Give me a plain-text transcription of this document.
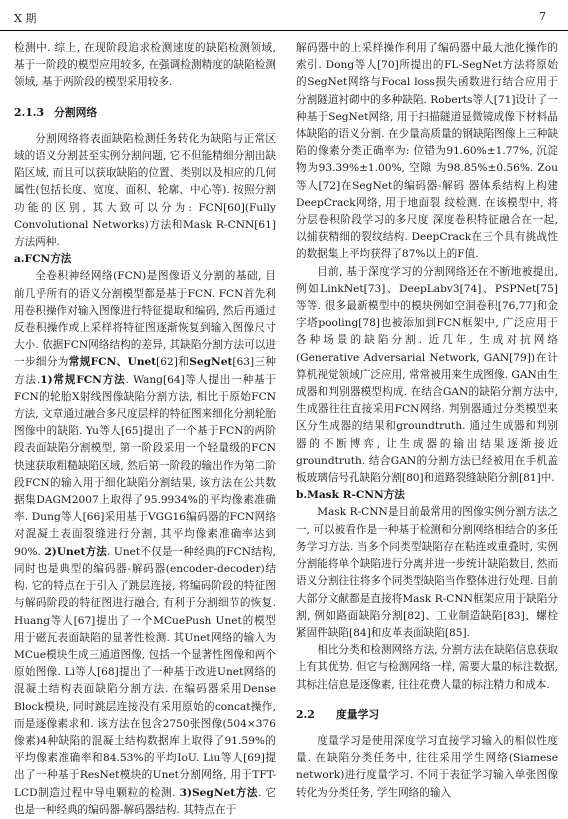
X 期	7

检测中. 综上, 在现阶段追求检测速度的缺陷检测领域, 基于一阶段的模型应用较多, 在强调检测精度的缺陷检测领域, 基于两阶段的模型采用较多.

2.1.3 分割网络

分割网络将表面缺陷检测任务转化为缺陷与正常区域的语义分割甚至实例分割问题, 它不但能精细分割出缺陷区域, 而且可以获取缺陷的位置、类别以及相应的几何属性(包括长度、宽度、面积、轮廓、中心等). 按照分割功能的区别, 其大致可以分为: FCN[60](Fully Convolutional Networks)方法和Mask R-CNN[61]方法两种.

a.FCN方法

全卷积神经网络(FCN)是图像语义分割的基础, 目前几乎所有的语义分割模型都是基于FCN. FCN首先利用卷积操作对输入图像进行特征提取和编码, 然后再通过反卷积操作或上采样将特征图逐渐恢复到输入图像尺寸大小. 依据FCN网络结构的差异, 其缺陷分割方法可以进一步细分为常规FCN、Unet[62]和SegNet[63]三种方法.1)常规FCN方法. Wang[64]等人提出一种基于FCN的轮胎X射线图像缺陷分割方法, 相比于原始FCN方法, 文章通过融合多尺度层样的特征图来细化分割轮胎图像中的缺陷. Yu等人[65]提出了一个基于FCN的两阶段表面缺陷分割模型, 第一阶段采用一个轻量级的FCN快速获取粗糙缺陷区域, 然后第一阶段的输出作为第二阶段FCN的输入用于细化缺陷分割结果, 该方法在公共数据集DAGM2007上取得了95.9934%的平均像素准确率. Dung等人[66]采用基于VGG16编码器的FCN网络对混凝土表面裂缝进行分割, 其平均像素准确率达到90%. 2)Unet方法. Unet不仅是一种经典的FCN结构, 同时也是典型的编码器-解码器(encoder-decoder)结构. 它的特点在于引入了跳层连接, 将编码阶段的特征图与解码阶段的特征图进行融合, 有利于分割细节的恢复. Huang等人[67]提出了一个MCuePush Unet的模型用于磁瓦表面缺陷的显著性检测. 其Unet网络的输入为MCue模块生成三通道图像, 包括一个显著性图像和两个原始图像. Li等人[68]提出了一种基于改进Unet网络的混凝土结构表面缺陷分割方法. 在编码器采用Dense Block模块, 同时跳层连接没有采用原始的concat操作, 而是逐像素求和. 该方法在包含2750张图像(504×376 像素)4种缺陷的混凝土结构数据库上取得了91.59%的平均像素准确率和84.53%的平均IoU. Liu等人[69]提出了一种基于ResNet模块的Unet分割网络, 用于TFT-LCD制造过程中导电颗粒的检测. 3)SegNet方法. 它也是一种经典的编码器-解码器结构. 其特点在于

解码器中的上采样操作利用了编码器中最大池化操作的索引. Dong等人[70]所提出的FL-SegNet方法将原始的SegNet网络与Focal loss损失函数进行结合应用于分割隧道衬砌中的多种缺陷. Roberts等人[71]设计了一种基于SegNet网络, 用于扫描隧道显微镜成像下材料晶体缺陷的语义分割. 在少量高质量的钢缺陷图像上三种缺陷的像素分类正确率为: 位错为91.60%±1.77%, 沉淀物为93.39%±1.00%, 空隙 为98.85%±0.56%. Zou等人[72]在SegNet的编码器-解码 器体系结构上构建DeepCrack网络, 用于地面裂 纹检测. 在该模型中, 将分层卷积阶段学习的多尺度 深度卷积特征融合在一起, 以捕获精细的裂纹结构. DeepCrack在三个具有挑战性的数据集上平均获得了87%以上的F值.

目前, 基于深度学习的分割网络还在不断地被提出, 例如LinkNet[73]、DeepLabv3[74]、PSPNet[75]等等. 很多最新模型中的模块例如空洞卷积[76,77]和金字塔pooling[78]也被添加到FCN框架中, 广泛应用于各种场景的缺陷分割. 近几年, 生成对抗网络(Generative Adversarial Network, GAN[79])在计算机视觉领域广泛应用, 常常被用来生成图像. GAN由生成器和判别器模型构成. 在结合GAN的缺陷分割方法中, 生成器往往直接采用FCN网络. 判别器通过分类模型来区分生成器的结果和groundtruth. 通过生成器和判别器的不断博弈, 让生成器的输出结果逐渐接近groundtruth. 结合GAN的分割方法已经被用在手机盖板玻璃信号孔缺陷分割[80]和道路裂缝缺陷分割[81]中.

b.Mask R-CNN方法

Mask R-CNN是目前最常用的图像实例分割方法之一, 可以被看作是一种基于检测和分割网络相结合的多任务学习方法. 当多个同类型缺陷存在粘连或重叠时, 实例分割能将单个缺陷进行分离并进一步统计缺陷数目, 然而语义分割往往将多个同类型缺陷当作整体进行处理. 目前大部分文献都是直接将Mask R-CNN框架应用于缺陷分割, 例如路面缺陷分割[82]、工业制造缺陷[83]、螺栓紧固件缺陷[84]和皮革表面缺陷[85].

相比分类和检测网络方法, 分割方法在缺陷信息获取上有其优势. 但它与检测网络一样, 需要大量的标注数据, 其标注信息是逐像素, 往往花费人量的标注精力和成本.

2.2 度量学习

度量学习是使用深度学习直接学习输入的相似性度量. 在缺陷分类任务中, 往往采用学生网络(Siamese network)进行度量学习. 不同于表征学习输入单张图像转化为分类任务, 学生网络的输入
